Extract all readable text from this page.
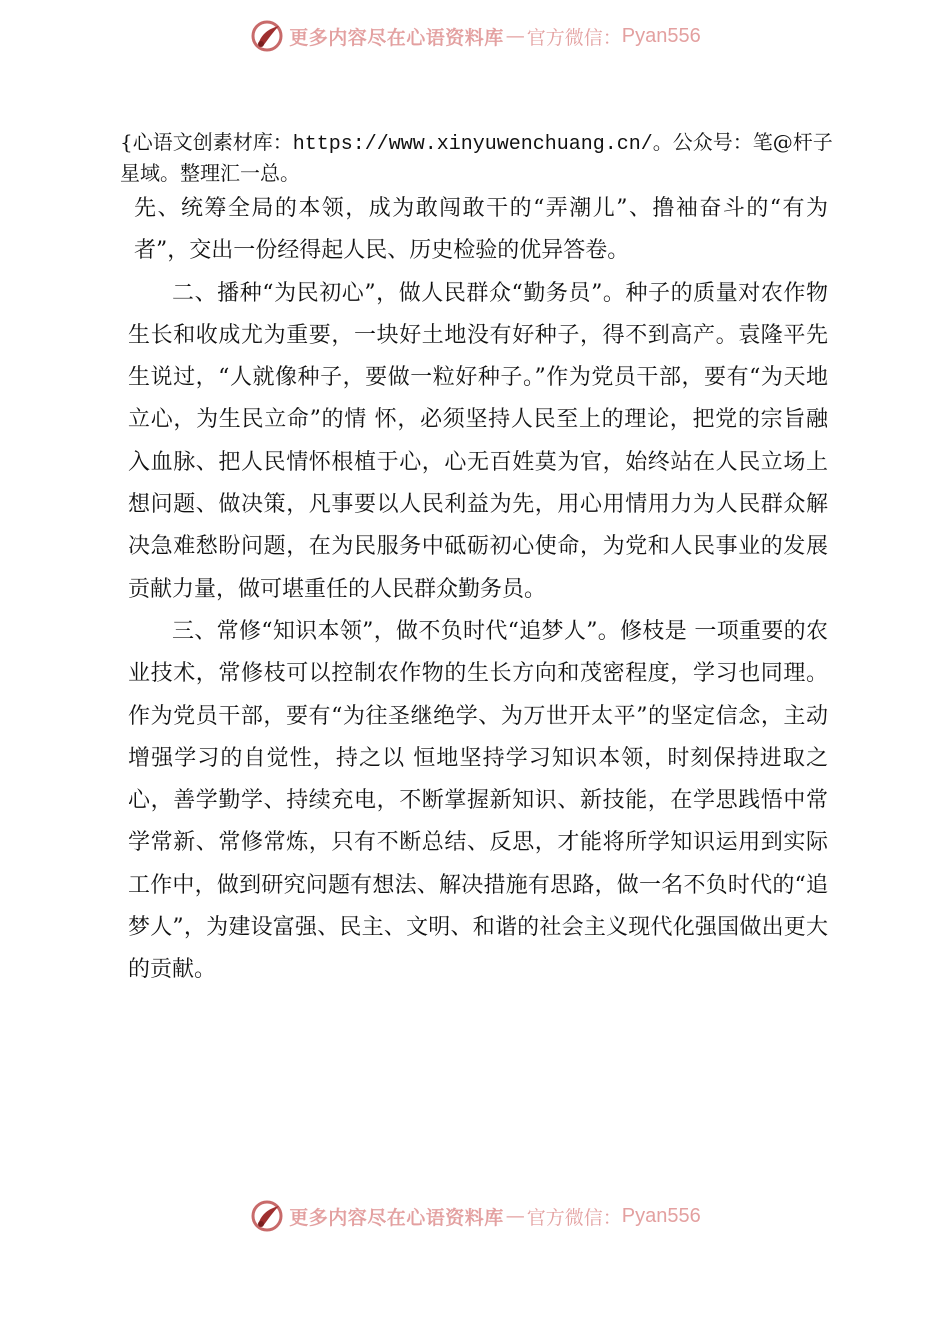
更多内容尽在心语资料库 — 官方微信： Pyan556
{心语文创素材库：https://www.xinyuwenchuang.cn/。公众号：笔@杆子星域。整理汇一总。

先、统筹全局的本领，成为敢闯敢干的“弄潮儿”、撸袖奋斗的“有为者”，交出一份经得起人民、历史检验的优异答卷。

二、播种“为民初心”，做人民群众“勤务员”。种子的质量对农作物生长和收成尤为重要，一块好土地没有好种子，得不到高产。袁隆平先生说过，“人就像种子，要做一粒好种子。”作为党员干部，要有“为天地立心，为生民立命”的情 怀，必须坚持人民至上的理论，把党的宗旨融入血脉、把人民情怀根植于心，心无百姓莫为官，始终站在人民立场上想问题、做决策，凡事要以人民利益为先，用心用情用力为人民群众解决急难愁盼问题，在为民服务中砥砺初心使命，为党和人民事业的发展贡献力量，做可堪重任的人民群众勤务员。

三、常修“知识本领”，做不负时代“追梦人”。修枝是 一项重要的农业技术，常修枝可以控制农作物的生长方向和茂密程度，学习也同理。作为党员干部，要有“为往圣继绝学、为万世开太平”的坚定信念，主动增强学习的自觉性，持之以 恒地坚持学习知识本领，时刻保持进取之心，善学勤学、持续充电，不断掌握新知识、新技能，在学思践悟中常学常新、常修常炼，只有不断总结、反思，才能将所学知识运用到实际工作中，做到研究问题有想法、解决措施有思路，做一名不负时代的“追梦人”，为建设富强、民主、文明、和谐的社会主义现代化强国做出更大的贡献。

更多内容尽在心语资料库 — 官方微信： Pyan556
